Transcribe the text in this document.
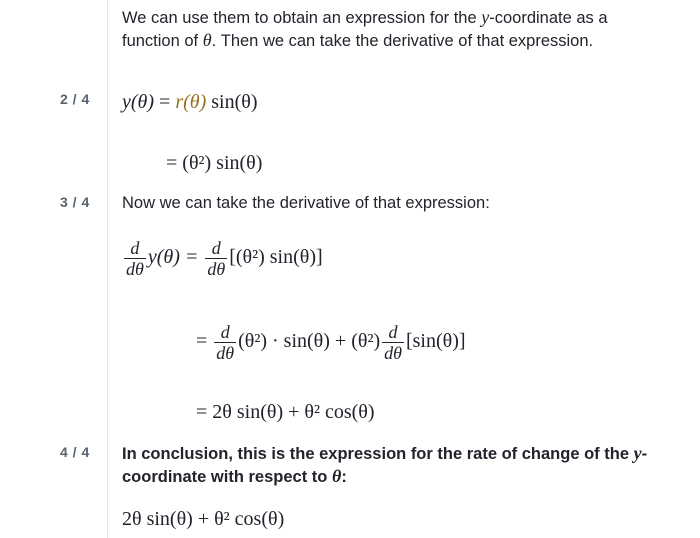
We can use them to obtain an expression for the y-coordinate as a function of θ. Then we can take the derivative of that expression.
2 / 4 y(θ) = r(θ) sin(θ)
= (θ²) sin(θ)
3 / 4 Now we can take the derivative of that expression:
$\frac{d}{d\theta} y(\theta) = \frac{d}{d\theta} [(\theta^2)$ sin(θ)]
= $\frac{d}{d\theta} (\theta^2) \cdot \sin(\theta) + (\theta^2) \frac{d}{d\theta} [\sin(\theta)]$
= 2θ sin(θ) + θ² cos(θ)
4 / 4 In conclusion, this is the expression for the rate of change of the y-coordinate with respect to θ:
2θ sin(θ) + θ² cos(θ)
